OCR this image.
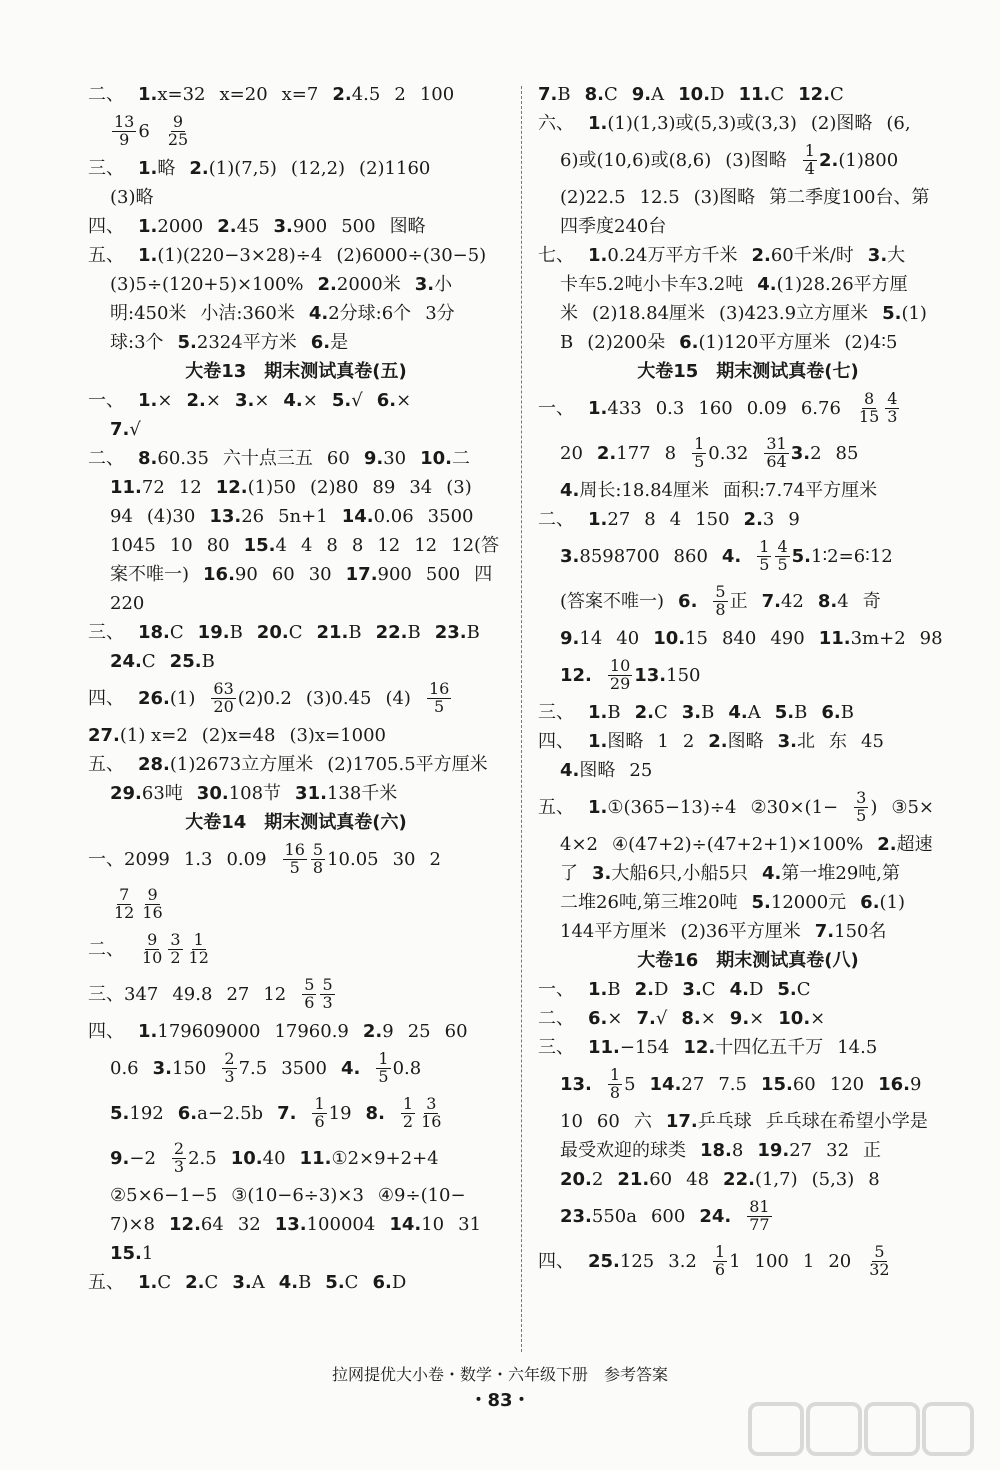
二、 1. x=32 x=20 x=7 2. 4.5 2 100
$\frac{13}{9} 6 \frac{9}{25}$
三、 1. 略 2. (1)(7,5) (12,2) (2)1160
(3)略
四、 1. 2000 2. 45 3. 900 500 图略
五、 1. (1)(220−3×28)÷4 (2)6000÷(30−5)
(3)5÷(120+5)×100% 2. 2000米 3. 小
明:450米 小洁:360米 4. 2分球:6个 3分
球:3个 5. 2324平方米 6. 是
大卷13　期末测试真卷(五)
一、 1. × 2. × 3. × 4. × 5. √ 6. ×
7. √
二、 8. 60.35 六十点三五 60 9. 30 10. 二
11. 72 12 12. (1)50 (2)80 89 34 (3)
94 (4)30 13. 26 5n+1 14. 0.06 3500
1045 10 80 15. 4 4 8 8 12 12 12(答
案不唯一) 16. 90 60 30 17. 900 500 四
220
三、 18. C 19. B 20. C 21. B 22. B 23. B
24. C 25. B
四、 26. $(1) \frac{63}{20} (2)0.2$ (3)0.45 $(4) \frac{16}{5}$
27. (1) x=2 (2)x=48 (3)x=1000
五、 28. (1)2673立方厘米 (2)1705.5平方厘米
29. 63吨 30. 108节 31. 138千米
大卷14　期末测试真卷(六)
一、2099 1.3 $0.09 \frac{16}{5} \frac{5}{8} 10.05$ 30 2
$\frac{7}{12} \frac{9}{16}$
二、 $\frac{9}{10} \frac{3}{2} \frac{1}{12}$
三、347 49.8 27 $12 \frac{5}{6} \frac{5}{3}$
四、 1. 179609000 17960.9 2. 9 25 60
0.6 3. $150 \frac{2}{3} 7.5$ 3500 4. $\frac{1}{5} 0.8$
5. 192 6. a−2.5b 7. $\frac{1}{6} 19$ 8. $\frac{1}{2} \frac{3}{16}$
9. $-2 \frac{2}{3} 2.5$ 10. 40 11. ①2×9+2+4
②5×6−1−5 ③(10−6÷3)×3 ④9÷(10−
7)×8 12. 64 32 13. 100004 14. 10 31
15. 1
五、 1. C 2. C 3. A 4. B 5. C 6. D
7. B 8. C 9. A 10. D 11. C 12. C
六、 1. (1)(1,3)或(5,3)或(3,3) (2)图略 (6,
6)或(10,6)或(8,6) (3)图略 $\frac{1}{4} 2$. (1)800
(2)22.5 12.5 (3)图略 第二季度100台、第
四季度240台
七、 1. 0.24万平方千米 2. 60千米/时 3. 大
卡车5.2吨小卡车3.2吨 4. (1)28.26平方厘
米 (2)18.84厘米 (3)423.9立方厘米 5. (1)
B (2)200朵 6. (1)120平方厘米 (2)4∶5
大卷15　期末测试真卷(七)
一、 1. 433 0.3 160 0.09 $6.76 \frac{8}{15} \frac{4}{3}$
20 2. 177 $8 \frac{1}{5} 0.32 \frac{31}{64} 3$. 2 85
4. 周长:18.84厘米 面积:7.74平方厘米
二、 1. 27 8 4 150 2. 3 9
3. 8598700 860 4. $\frac{1}{5} \frac{4}{5} 5$. 1∶2=6∶12
(答案不唯一) 6. $\frac{5}{8}$ 正 7. 42 8. 4 奇
9. 14 40 10. 15 840 490 11. 3m+2 98
12. $\frac{10}{29} 13$. 150
三、 1. B 2. C 3. B 4. A 5. B 6. B
四、 1. 图略 1 2 2. 图略 3. 北 东 45
4. 图略 25
五、 1. ①(365−13)÷4 ②30×(1− $\frac{3}{5}$ ) ③5×
4×2 ④(47+2)÷(47+2+1)×100% 2. 超速
了 3. 大船6只,小船5只 4. 第一堆29吨,第
二堆26吨,第三堆20吨 5. 12000元 6. (1)
144平方厘米 (2)36平方厘米 7. 150名
大卷16　期末测试真卷(八)
一、 1. B 2. D 3. C 4. D 5. C
二、 6. × 7. √ 8. × 9. × 10. ×
三、 11. −154 12. 十四亿五千万 14.5
13. $\frac{1}{8} 5$ 14. 27 7.5 15. 60 120 16. 9
10 60 六 17. 乒乓球 乒乓球在希望小学是
最受欢迎的球类 18. 8 19. 27 32 正
20. 2 21. 60 48 22. (1,7) (5,3) 8
23. 550a 600 24. $\frac{81}{77}$
四、 25. 125 $3.2 \frac{1}{6} 1$ 100 1 $20 \frac{5}{32}$
拉网提优大小卷・数学・六年级下册　参考答案
・83・
